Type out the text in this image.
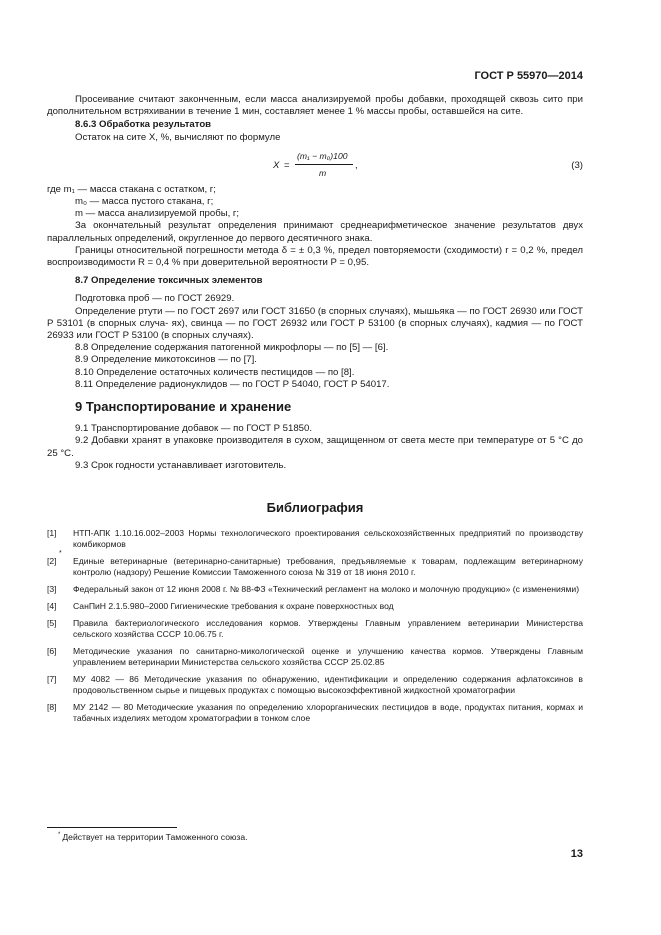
ГОСТ Р 55970—2014

Просеивание считают законченным, если масса анализируемой пробы добавки, проходящей сквозь сито при дополнительном встряхивании в течение 1 мин, составляет менее 1 % массы пробы, оставшейся на сите.

8.6.3 Обработка результатов

Остаток на сите X, %, вычисляют по формуле

X =
(m₁ − m₀)100
m
,	(3)

где m₁ — масса стакана с остатком, г;

m₀ — масса пустого стакана, г;

m — масса анализируемой пробы, г;

За окончательный результат определения принимают среднеарифметическое значение результатов двух параллельных определений, округленное до первого десятичного знака.

Границы относительной погрешности метода δ = ± 0,3 %, предел повторяемости (сходимости) r = 0,2 %, предел воспроизводимости R = 0,4 % при доверительной вероятности P = 0,95.

8.7 Определение токсичных элементов

Подготовка проб — по ГОСТ 26929.

Определение ртути — по ГОСТ 2697 или ГОСТ 31650 (в спорных случаях), мышьяка — по ГОСТ 26930 или ГОСТ Р 53101 (в спорных случа- ях), свинца — по ГОСТ 26932 или ГОСТ Р 53100 (в спорных случаях), кадмия — по ГОСТ 26933 или ГОСТ Р 53100 (в спорных случаях).

8.8 Определение содержания патогенной микрофлоры — по [5] — [6].

8.9 Определение микотоксинов — по [7].

8.10 Определение остаточных количеств пестицидов — по [8].

8.11 Определение радионуклидов — по ГОСТ Р 54040, ГОСТ Р 54017.

9 Транспортирование и хранение

9.1 Транспортирование добавок — по ГОСТ Р 51850.

9.2 Добавки хранят в упаковке производителя в сухом, защищенном от света месте при температуре от 5 °С до 25 °С.

9.3 Срок годности устанавливает изготовитель.

Библиография
[1] НТП-АПК 1.10.16.002–2003 Нормы технологического проектирования сельскохозяйственных предприятий по производству комбикормов
*
[2] Единые ветеринарные (ветеринарно-санитарные) требования, предъявляемые к товарам, подлежащим ветеринарному контролю (надзору) Решение Комиссии Таможенного союза № 319 от 18 июня 2010 г.
[3] Федеральный закон от 12 июня 2008 г. № 88-ФЗ «Технический регламент на молоко и молочную продукцию» (с изменениями)
[4] СанПиН 2.1.5.980–2000 Гигиенические требования к охране поверхностных вод
[5] Правила бактериологического исследования кормов. Утверждены Главным управлением ветеринарии Министерства сельского хозяйства СССР 10.06.75 г.
[6] Методические указания по санитарно-микологической оценке и улучшению качества кормов. Утверждены Главным управлением ветеринарии Министерства сельского хозяйства СССР 25.02.85
[7] МУ 4082 — 86 Методические указания по обнаружению, идентификации и определению содержания афлатоксинов в продовольственном сырье и пищевых продуктах с помощью высокоэффективной жидкостной хроматографии
[8] МУ 2142 — 80 Методические указания по определению хлорорганических пестицидов в воде, продуктах питания, кормах и табачных изделиях методом хроматографии в тонком слое
* Действует на территории Таможенного союза.
13
